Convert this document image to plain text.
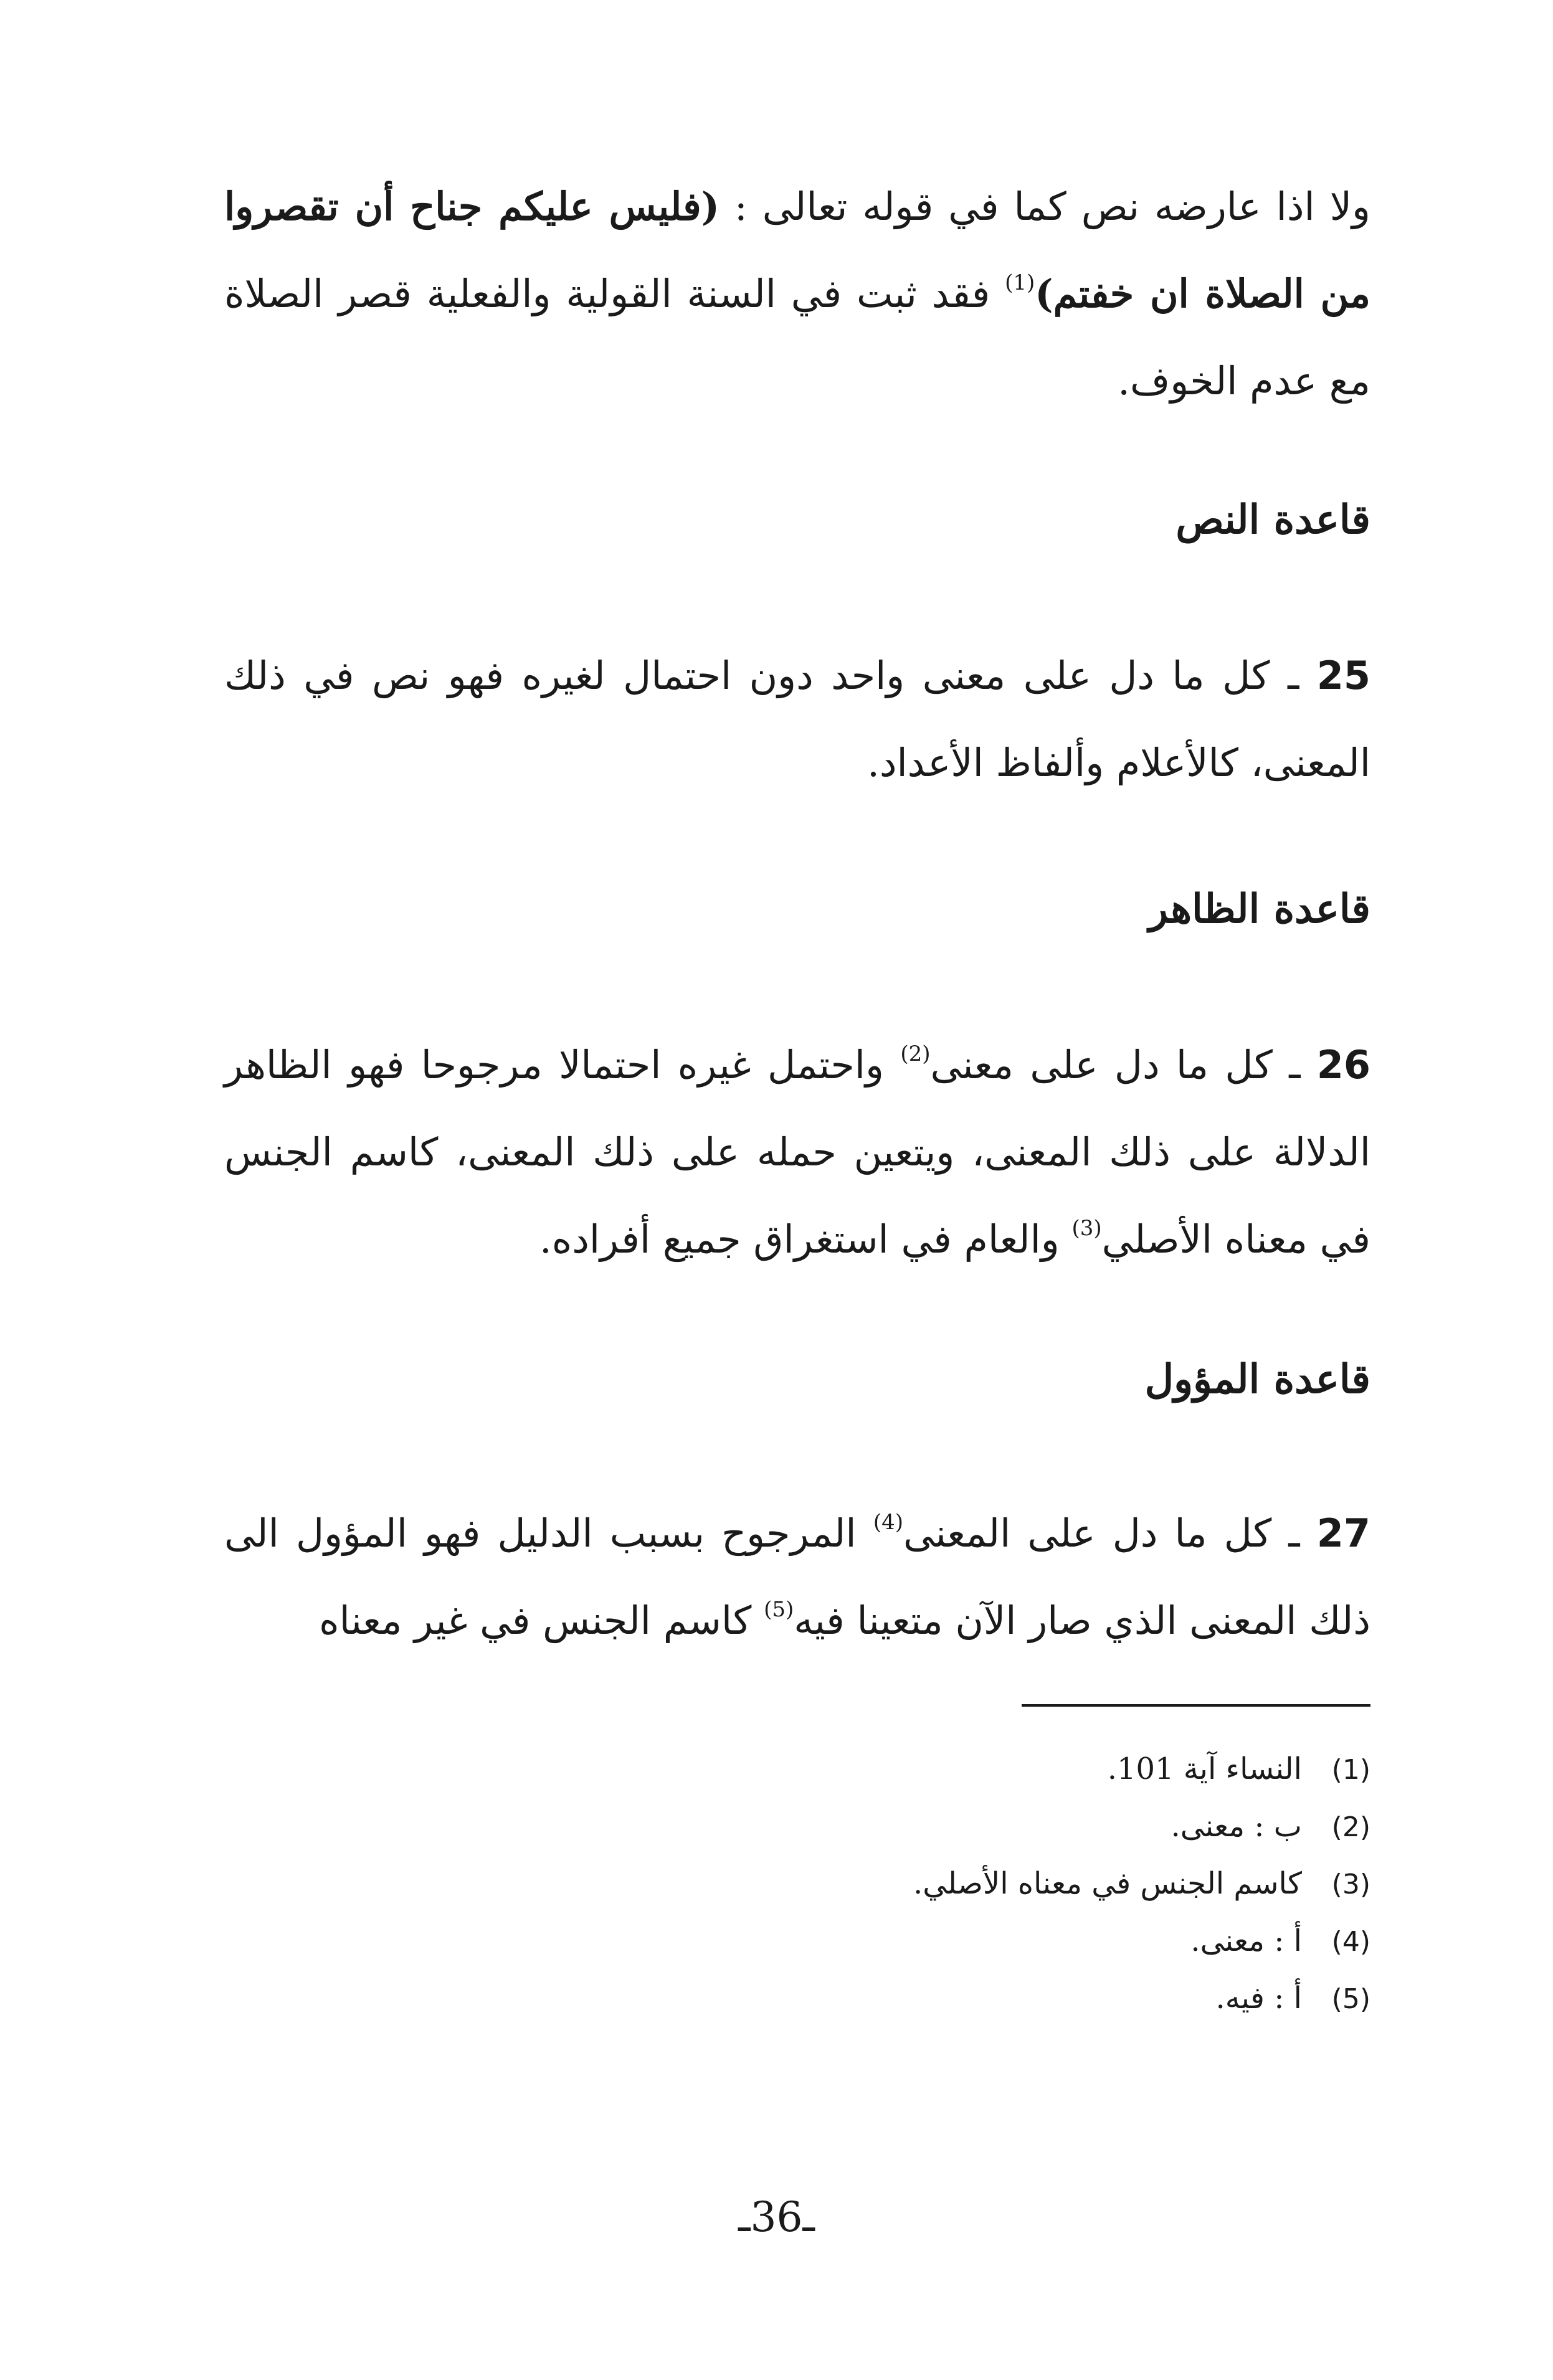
ولا اذا عارضه نص كما في قوله تعالى : (فليس عليكم جناح أن تقصروا من الصلاة ان خفتم)$^{(1)}$ فقد ثبت في السنة القولية والفعلية قصر الصلاة مع عدم الخوف.
قاعدة النص
25 ـ كل ما دل على معنى واحد دون احتمال لغيره فهو نص في ذلك المعنى، كالأعلام وألفاظ الأعداد.
قاعدة الظاهر
26 ـ كل ما دل على معنى$^{(2)}$ واحتمل غيره احتمالا مرجوحا فهو الظاهر الدلالة على ذلك المعنى، ويتعين حمله على ذلك المعنى، كاسم الجنس في معناه الأصلي$^{(3)}$ والعام في استغراق جميع أفراده.
قاعدة المؤول
27 ـ كل ما دل على المعنى$^{(4)}$ المرجوح بسبب الدليل فهو المؤول الى ذلك المعنى الذي صار الآن متعينا فيه$^{(5)}$ كاسم الجنس في غير معناه
(1)النساء آية 101.
(2)ب : معنى.
(3)كاسم الجنس في معناه الأصلي.
(4)أ : معنى.
(5)أ : فيه.
ـ36ـ
